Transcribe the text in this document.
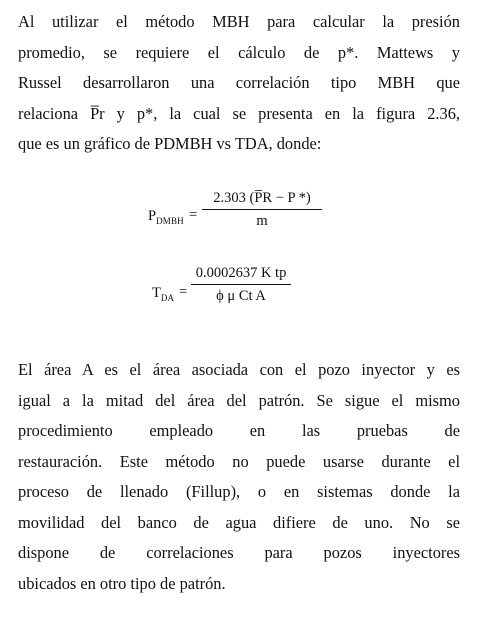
Al utilizar el método MBH para calcular la presión
promedio, se requiere el cálculo de p*. Mattews y
Russel desarrollaron una correlación tipo MBH que
relaciona P̅r y p*, la cual se presenta en la figura 2.36,
que es un gráfico de PDMBH vs TDA, donde:
$P_{DMBH}$ =
2.303 (P̅R − P *)
m
$T_{DA}$ =
0.0002637 K tp
ϕ μ Ct A
El área A es el área asociada con el pozo inyector y es
igual a la mitad del área del patrón. Se sigue el mismo
procedimiento empleado en las pruebas de
restauración. Este método no puede usarse durante el
proceso de llenado (Fillup), o en sistemas donde la
movilidad del banco de agua difiere de uno. No se
dispone de correlaciones para pozos inyectores
ubicados en otro tipo de patrón.
